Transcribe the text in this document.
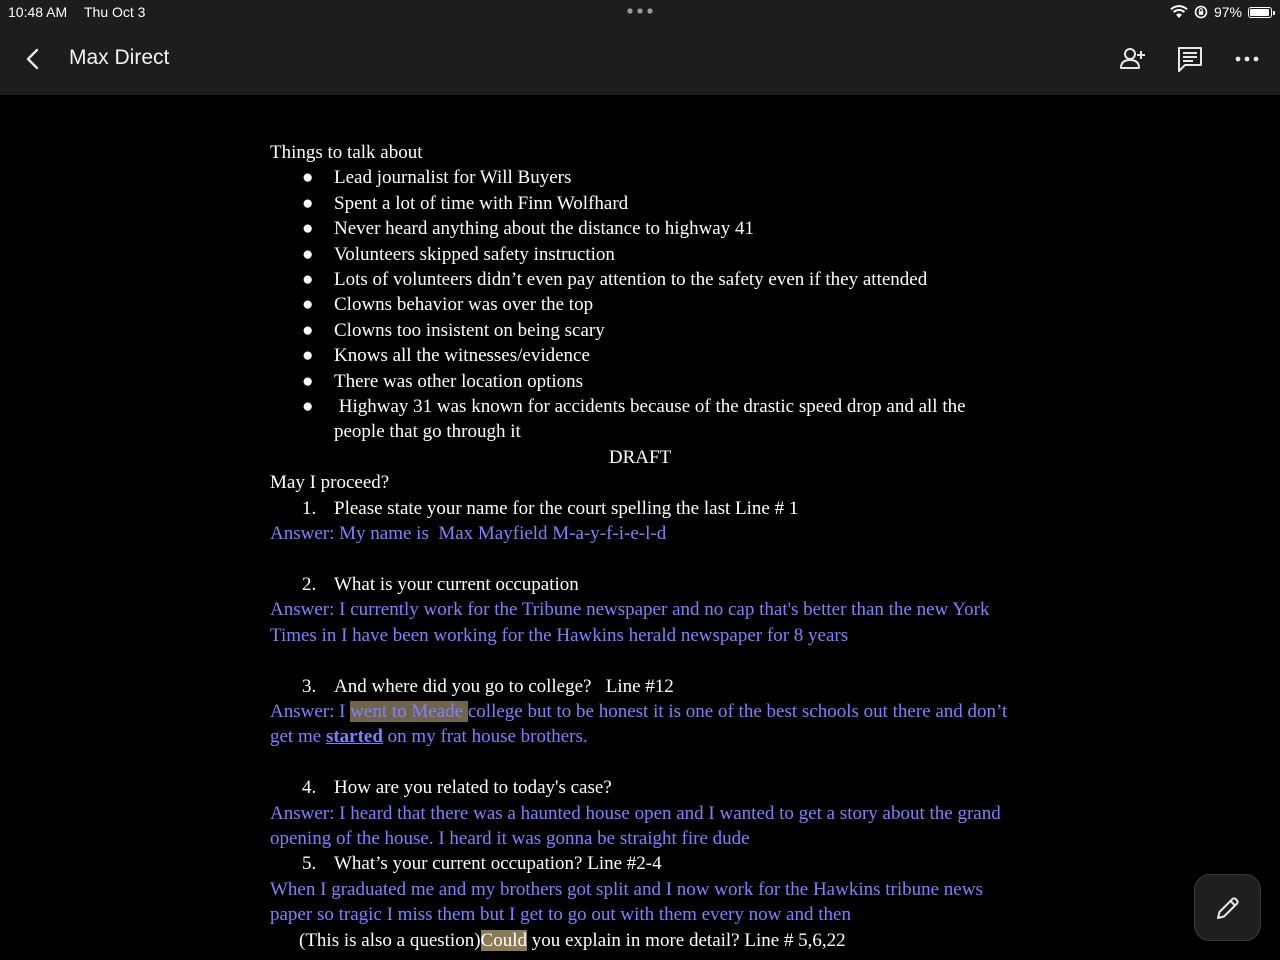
10:48 AM Thu Oct 3	97%
Max Direct

Things to talk about

● Lead journalist for Will Buyers

● Spent a lot of time with Finn Wolfhard

● Never heard anything about the distance to highway 41

● Volunteers skipped safety instruction

● Lots of volunteers didn’t even pay attention to the safety even if they attended

● Clowns behavior was over the top

● Clowns too insistent on being scary

● Knows all the witnesses/evidence

● There was other location options

● Highway 31 was known for accidents because of the drastic speed drop and all the people that go through it

DRAFT

May I proceed?

1. Please state your name for the court spelling the last Line # 1

Answer: My name is  Max Mayfield M-a-y-f-i-e-l-d

2. What is your current occupation

Answer: I currently work for the Tribune newspaper and no cap that's better than the new York Times in I have been working for the Hawkins herald newspaper for 8 years

3. And where did you go to college?   Line #12

Answer: I went to Meade college but to be honest it is one of the best schools out there and don’t get me started on my frat house brothers.

4. How are you related to today's case?

Answer: I heard that there was a haunted house open and I wanted to get a story about the grand opening of the house. I heard it was gonna be straight fire dude

5. What’s your current occupation? Line #2-4

When I graduated me and my brothers got split and I now work for the Hawkins tribune news paper so tragic I miss them but I get to go out with them every now and then

(This is also a question)Could you explain in more detail? Line # 5,6,22
